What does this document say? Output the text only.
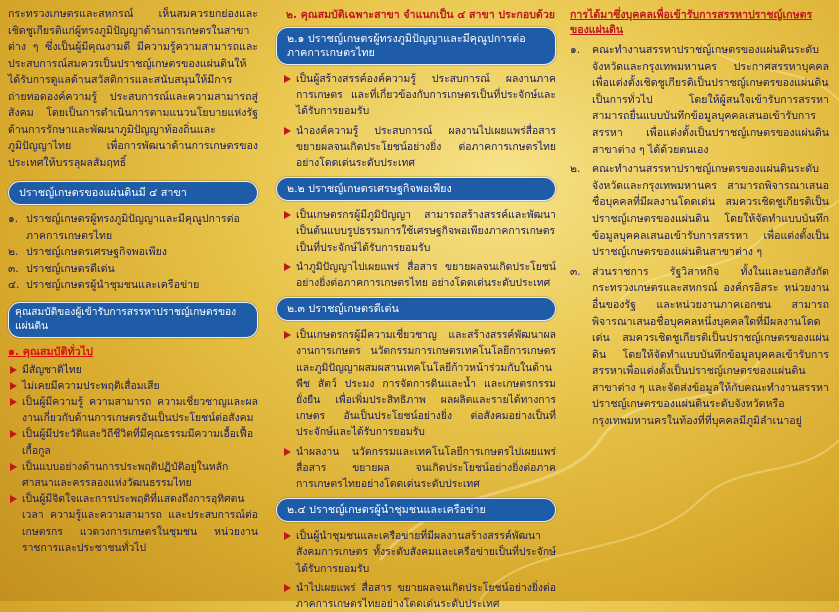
กระทรวงเกษตรและสหกรณ์ เห็นสมควรยกย่องและเชิดชูเกียรติแก่ผู้ทรงภูมิปัญญาด้านการเกษตรในสาขาต่าง ๆ ซึ่งเป็นผู้มีคุณงามดี มีความรู้ความสามารถและประสบการณ์สมควรเป็นปราชญ์เกษตรของแผ่นดินให้ได้รับการดูแลด้านสวัสดิการและสนับสนุนให้มีการถ่ายทอดองค์ความรู้ ประสบการณ์และความสามารถสู่สังคม โดยเป็นการดำเนินการตามแนวนโยบายแห่งรัฐด้านการรักษาและพัฒนาภูมิปัญญาท้องถิ่นและภูมิปัญญาไทย เพื่อการพัฒนาด้านการเกษตรของประเทศให้บรรลุผลสัมฤทธิ์

ปราชญ์เกษตรของแผ่นดินมี ๔ สาขา
๑. ปราชญ์เกษตรผู้ทรงภูมิปัญญาและมีคุณูปการต่อภาคการเกษตรไทย
๒. ปราชญ์เกษตรเศรษฐกิจพอเพียง
๓. ปราชญ์เกษตรดีเด่น
๔. ปราชญ์เกษตรผู้นำชุมชนและเครือข่าย
คุณสมบัติของผู้เข้ารับการสรรหาปราชญ์เกษตรของแผ่นดิน
๑. คุณสมบัติทั่วไป
มีสัญชาติไทย
ไม่เคยมีความประพฤติเสื่อมเสีย
เป็นผู้มีความรู้ ความสามารถ ความเชี่ยวชาญและผลงานเกี่ยวกับด้านการเกษตรอันเป็นประโยชน์ต่อสังคม
เป็นผู้มีประวัติและวิถีชีวิตที่มีคุณธรรมมีความเอื้อเฟื้อเกื้อกูล
เป็นแบบอย่างด้านการประพฤติปฏิบัติอยู่ในหลักศาสนาและครรลองแห่งวัฒนธรรมไทย
เป็นผู้มีจิตใจและการประพฤติที่แสดงถึงการอุทิศตนเวลา ความรู้และความสามารถ และประสบการณ์ต่อเกษตรกร แวดวงการเกษตรในชุมชน หน่วยงานราชการและประชาชนทั่วไป
๒. คุณสมบัติเฉพาะสาขา จำแนกเป็น ๔ สาขา ประกอบด้วย
๒.๑ ปราชญ์เกษตรผู้ทรงภูมิปัญญาและมีคุณูปการต่อภาคการเกษตรไทย
เป็นผู้สร้างสรรค์องค์ความรู้ ประสบการณ์ ผลงานภาคการเกษตร และที่เกี่ยวข้องกับการเกษตรเป็นที่ประจักษ์และได้รับการยอมรับ
นำองค์ความรู้ ประสบการณ์ ผลงานไปเผยแพร่สื่อสาร ขยายผลจนเกิดประโยชน์อย่างยิ่ง ต่อภาคการเกษตรไทยอย่างโดดเด่นระดับประเทศ
๒.๒ ปราชญ์เกษตรเศรษฐกิจพอเพียง
เป็นเกษตรกรผู้มีภูมิปัญญา สามารถสร้างสรรค์และพัฒนาเป็นต้นแบบรูปธรรมการใช้เศรษฐกิจพอเพียงภาคการเกษตร เป็นที่ประจักษ์ได้รับการยอมรับ
นำภูมิปัญญาไปเผยแพร่ สื่อสาร ขยายผลจนเกิดประโยชน์อย่างยิ่งต่อภาคการเกษตรไทย อย่างโดดเด่นระดับประเทศ
๒.๓ ปราชญ์เกษตรดีเด่น
เป็นเกษตรกรผู้มีความเชี่ยวชาญ และสร้างสรรค์พัฒนาผลงานการเกษตร นวัตกรรมการเกษตรเทคโนโลยีการเกษตร และภูมิปัญญาผสมผสานเทคโนโลยีก้าวหน้าร่วมกับในด้านพืช สัตว์ ประมง การจัดการดินและน้ำ และเกษตรกรรมยั่งยืน เพื่อเพิ่มประสิทธิภาพ ผลผลิตและรายได้ทางการเกษตร อันเป็นประโยชน์อย่างยิ่ง ต่อสังคมอย่างเป็นที่ประจักษ์และได้รับการยอมรับ
นำผลงาน นวัตกรรมและเทคโนโลยีการเกษตรไปเผยแพร่ สื่อสาร ขยายผล จนเกิดประโยชน์อย่างยิ่งต่อภาคการเกษตรไทยอย่างโดดเด่นระดับประเทศ
๒.๔ ปราชญ์เกษตรผู้นำชุมชนและเครือข่าย
เป็นผู้นำชุมชนและเครือข่ายที่มีผลงานสร้างสรรค์พัฒนาสังคมการเกษตร ทั้งระดับสังคมและเครือข่ายเป็นที่ประจักษ์ได้รับการยอมรับ
นำไปเผยแพร่ สื่อสาร ขยายผลจนเกิดประโยชน์อย่างยิ่งต่อภาคการเกษตรไทยอย่างโดดเด่นระดับประเทศ
การได้มาซึ่งบุคคลเพื่อเข้ารับการสรรหาปราชญ์เกษตรของแผ่นดิน

๑. คณะทำงานสรรหาปราชญ์เกษตรของแผ่นดินระดับจังหวัดและกรุงเทพมหานคร ประกาศสรรหาบุคคลเพื่อแต่งตั้งเชิดชูเกียรติเป็นปราชญ์เกษตรของแผ่นดินเป็นการทั่วไป โดยให้ผู้สนใจเข้ารับการสรรหาสามารถยื่นแบบบันทึกข้อมูลบุคคลเสนอเข้ารับการสรรหา เพื่อแต่งตั้งเป็นปราชญ์เกษตรของแผ่นดินสาขาต่าง ๆ ได้ด้วยตนเอง

๒. คณะทำงานสรรหาปราชญ์เกษตรของแผ่นดินระดับจังหวัดและกรุงเทพมหานคร สามารถพิจารณาเสนอชื่อบุคคลที่มีผลงานโดดเด่น สมควรเชิดชูเกียรติเป็นปราชญ์เกษตรของแผ่นดิน โดยให้จัดทำแบบบันทึกข้อมูลบุคคลเสนอเข้ารับการสรรหา เพื่อแต่งตั้งเป็นปราชญ์เกษตรของแผ่นดินสาขาต่าง ๆ

๓. ส่วนราชการ รัฐวิสาหกิจ ทั้งในและนอกสังกัดกระทรวงเกษตรและสหกรณ์ องค์กรอิสระ หน่วยงานอื่นของรัฐ และหน่วยงานภาคเอกชน สามารถพิจารณาเสนอชื่อบุคคลหนึ่งบุคคลใดที่มีผลงานโดดเด่น สมควรเชิดชูเกียรติเป็นปราชญ์เกษตรของแผ่นดิน โดยให้จัดทำแบบบันทึกข้อมูลบุคคลเข้ารับการสรรหาเพื่อแต่งตั้งเป็นปราชญ์เกษตรของแผ่นดินสาขาต่าง ๆ และจัดส่งข้อมูลให้กับคณะทำงานสรรหาปราชญ์เกษตรของแผ่นดินระดับจังหวัดหรือกรุงเทพมหานครในท้องที่ที่บุคคลมีภูมิลำเนาอยู่
